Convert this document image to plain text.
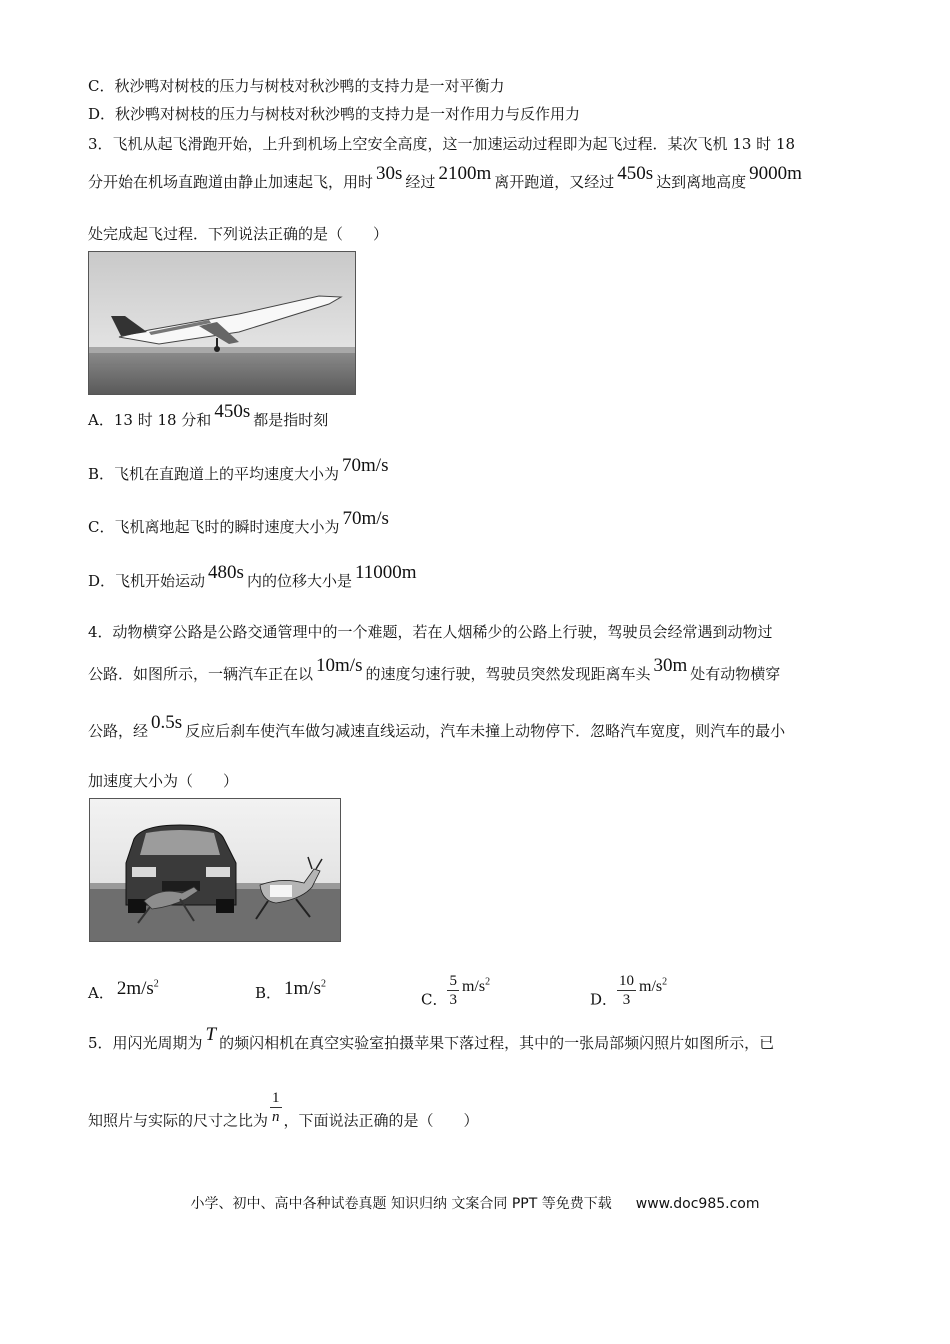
C．秋沙鸭对树枝的压力与树枝对秋沙鸭的支持力是一对平衡力
D．秋沙鸭对树枝的压力与树枝对秋沙鸭的支持力是一对作用力与反作用力
3．飞机从起飞滑跑开始，上升到机场上空安全高度，这一加速运动过程即为起飞过程．某次飞机 13 时 18
分开始在机场直跑道由静止加速起飞，用时 30s 经过 2100m 离开跑道，又经过 450s 达到离地高度 9000m
处完成起飞过程．下列说法正确的是（　　）
A．13 时 18 分和 450s 都是指时刻
B．飞机在直跑道上的平均速度大小为 70m/s
C．飞机离地起飞时的瞬时速度大小为 70m/s
D．飞机开始运动 480s 内的位移大小是 11000m
4．动物横穿公路是公路交通管理中的一个难题，若在人烟稀少的公路上行驶，驾驶员会经常遇到动物过
公路．如图所示，一辆汽车正在以 10m/s 的速度匀速行驶，驾驶员突然发现距离车头 30m 处有动物横穿
公路，经 0.5s 反应后刹车使汽车做匀减速直线运动，汽车未撞上动物停下．忽略汽车宽度，则汽车的最小
加速度大小为（　　）
A． $2m/s^2$	B． $1m/s^2$
C． $\frac{5}{3} m/s^2$
D． $\frac{10}{3} m/s^2$
5．用闪光周期为 T 的频闪相机在真空实验室拍摄苹果下落过程，其中的一张局部频闪照片如图所示，已
知照片与实际的尺寸之比为 $\frac{1}{n}$ ，下面说法正确的是（　　）
小学、初中、高中各种试卷真题 知识归纳 文案合同 PPT 等免费下载 www.doc985.com
